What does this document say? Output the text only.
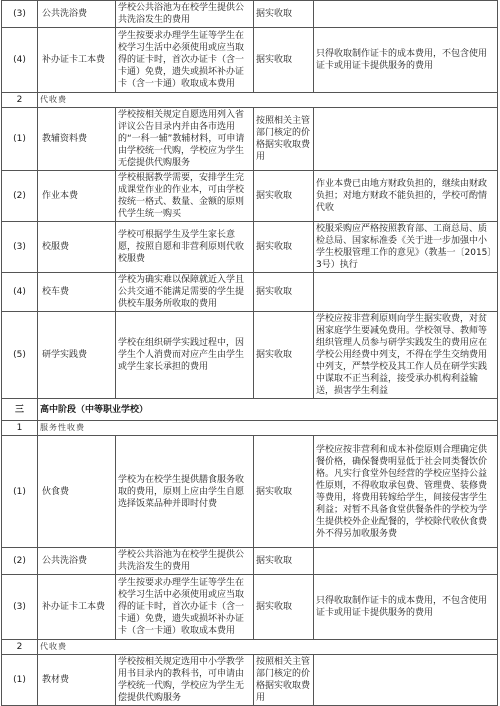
(3)	公共洗浴费	学校公共浴池为在校学生提供公共洗浴发生的费用	据实收取	
(4)	补办证卡工本费	学生按要求办理学生证等学生在校学习生活中必须使用或应当取得的证卡时，首次办证卡（含一卡通）免费，遗失或损坏补办证卡（含一卡通）收取成本费用	据实收取	只得收取制作证卡的成本费用，不包含使用证卡或用证卡提供服务的费用
2	代收费			
(1)	教辅资料费	学校按相关规定自愿选用列入省评议公告目录内并由各市选用的“一科一辅”教辅材料，可申请由学校统一代购，学校应为学生无偿提供代购服务	按照相关主管部门核定的价格据实收取费用	
(2)	作业本费	学校根据教学需要，安排学生完成课堂作业的作业本，可由学校按统一格式、数量、金额的原则代学生统一购买	据实收取	作业本费已由地方财政负担的，继续由财政负担；对地方财政不能负担的，学校可酌情代收
(3)	校服费	学校可根据学生及学生家长意愿，按照自愿和非营利原则代收校服费	据实收取	校服采购应严格按照教育部、工商总局、质检总局、国家标准委《关于进一步加强中小学生校服管理工作的意见》（教基一〔2015〕3号）执行
(4)	校车费	学校为确实难以保障就近入学且公共交通不能满足需要的学生提供校车服务所收取的费用	据实收取	
(5)	研学实践费	学校在组织研学实践过程中，因学生个人消费而对应产生由学生或学生家长承担的费用	据实收取	学校应按非营利原则向学生据实收费，对贫困家庭学生要减免费用。学校领导、教师等组织管理人员参与研学实践发生的费用应在学校公用经费中列支，不得在学生交纳费用中列支，严禁学校及其工作人员在研学实践中谋取不正当利益，接受承办机构利益输送，损害学生利益
三	高中阶段（中等职业学校）			
1	服务性收费			
(1)	伙食费	学校为在校学生提供膳食服务收取的费用，原则上应由学生自愿选择饭菜品种并即时付费	据实收取	学校应按非营利和成本补偿原则合理确定供餐价格，确保餐费明显低于社会同类餐饮价格。凡实行食堂外包经营的学校应坚持公益性原则，不得收取承包费、管理费、装修费等费用，将费用转嫁给学生，间接侵害学生利益；对暂不具备食堂供餐条件的学校为学生提供校外企业配餐的，学校除代收伙食费外不得另加收服务费
(2)	公共洗浴费	学校公共浴池为在校学生提供公共洗浴发生的费用	据实收取	
(3)	补办证卡工本费	学生按要求办理学生证等学生在校学习生活中必须使用或应当取得的证卡时，首次办证卡（含一卡通）免费，遗失或损坏补办证卡（含一卡通）收取成本费用	据实收取	只得收取制作证卡的成本费用，不包含使用证卡或用证卡提供服务的费用
2	代收费			
(1)	教材费	学校按相关规定选用中小学教学用书目录内的教科书，可申请由学校统一代购，学校应为学生无偿提供代购服务	按照相关主管部门核定的价格据实收取费用	
